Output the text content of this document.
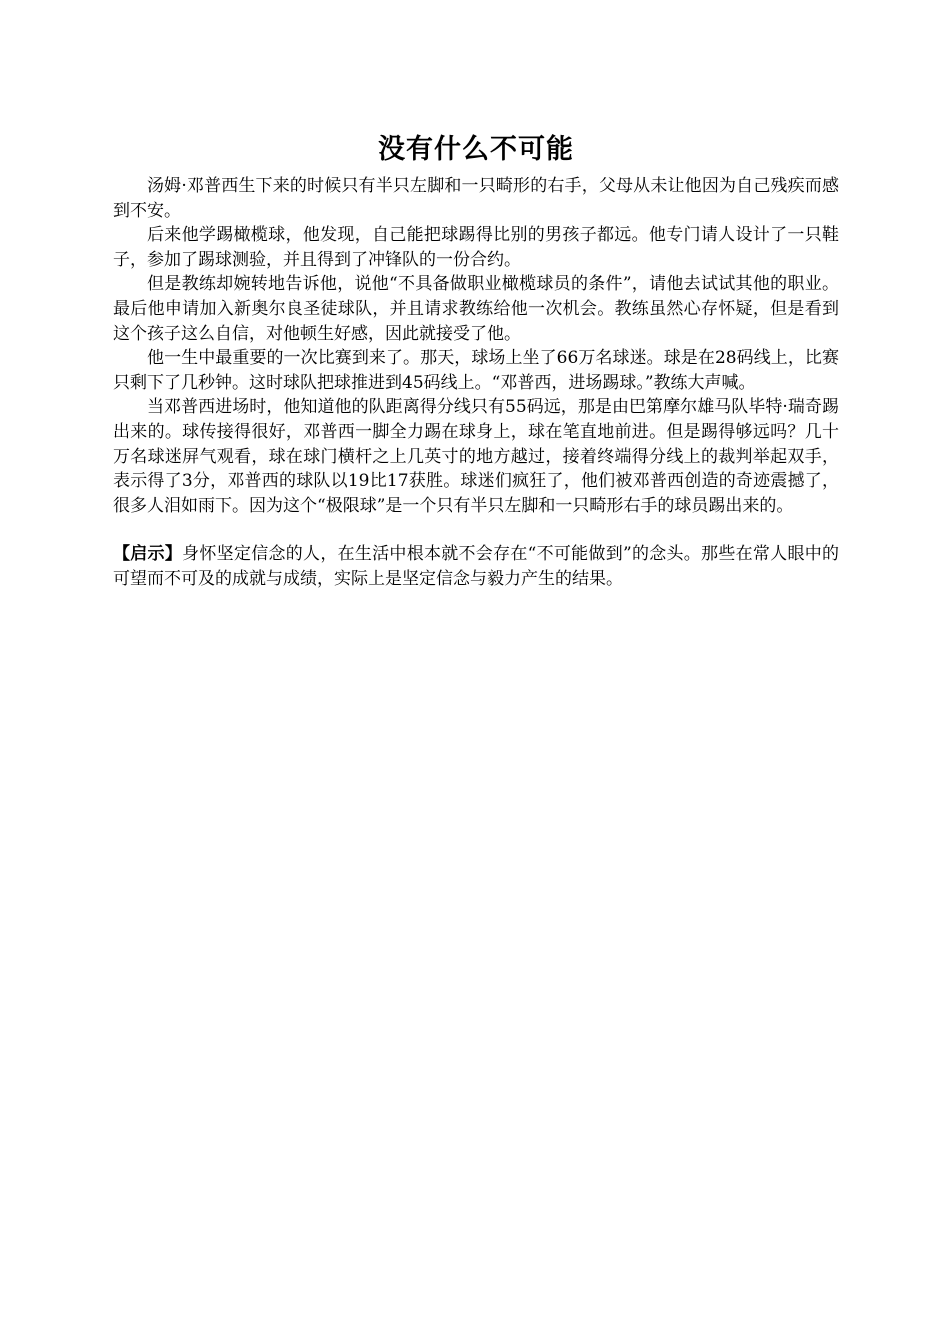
没有什么不可能

汤姆·邓普西生下来的时候只有半只左脚和一只畸形的右手，父母从未让他因为自己残疾而感到不安。

后来他学踢橄榄球，他发现，自己能把球踢得比别的男孩子都远。他专门请人设计了一只鞋子，参加了踢球测验，并且得到了冲锋队的一份合约。

但是教练却婉转地告诉他，说他“不具备做职业橄榄球员的条件”，请他去试试其他的职业。最后他申请加入新奥尔良圣徒球队，并且请求教练给他一次机会。教练虽然心存怀疑，但是看到这个孩子这么自信，对他顿生好感，因此就接受了他。

他一生中最重要的一次比赛到来了。那天，球场上坐了66万名球迷。球是在28码线上，比赛只剩下了几秒钟。这时球队把球推进到45码线上。“邓普西，进场踢球。”教练大声喊。

当邓普西进场时，他知道他的队距离得分线只有55码远，那是由巴第摩尔雄马队毕特·瑞奇踢出来的。球传接得很好，邓普西一脚全力踢在球身上，球在笔直地前进。但是踢得够远吗？几十万名球迷屏气观看，球在球门横杆之上几英寸的地方越过，接着终端得分线上的裁判举起双手，表示得了3分，邓普西的球队以19比17获胜。球迷们疯狂了，他们被邓普西创造的奇迹震撼了，很多人泪如雨下。因为这个“极限球”是一个只有半只左脚和一只畸形右手的球员踢出来的。

【启示】身怀坚定信念的人，在生活中根本就不会存在“不可能做到”的念头。那些在常人眼中的可望而不可及的成就与成绩，实际上是坚定信念与毅力产生的结果。
